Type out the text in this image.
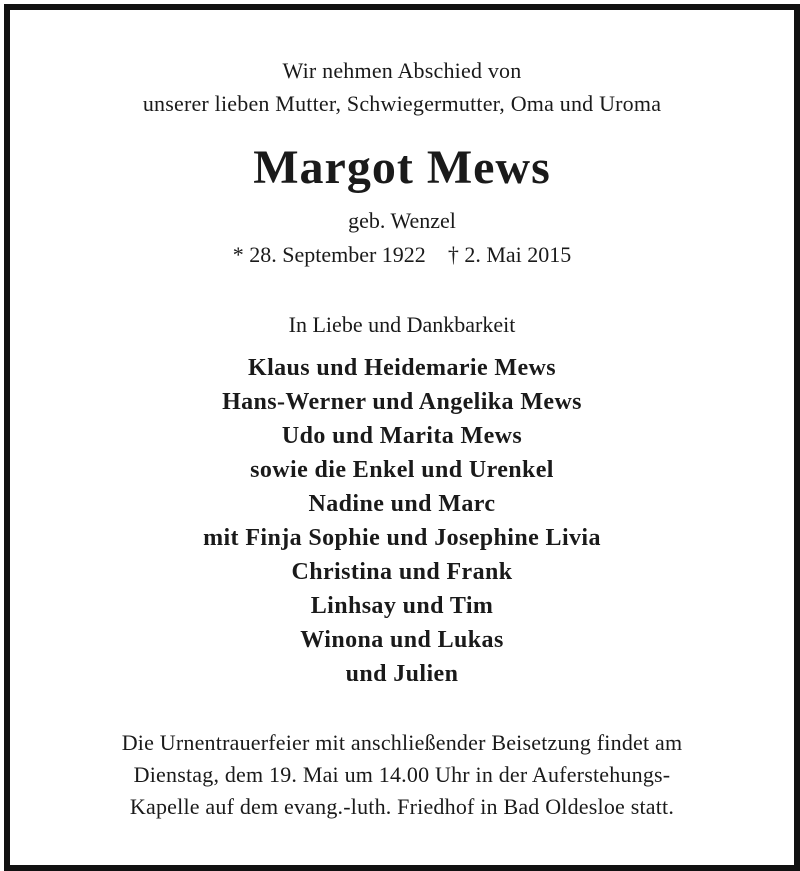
Wir nehmen Abschied von
unserer lieben Mutter, Schwiegermutter, Oma und Uroma
Margot Mews
geb. Wenzel
* 28. September 1922 † 2. Mai 2015
In Liebe und Dankbarkeit
Klaus und Heidemarie Mews
Hans-Werner und Angelika Mews
Udo und Marita Mews
sowie die Enkel und Urenkel
Nadine und Marc
mit Finja Sophie und Josephine Livia
Christina und Frank
Linhsay und Tim
Winona und Lukas
und Julien
Die Urnentrauerfeier mit anschließender Beisetzung findet am
Dienstag, dem 19. Mai um 14.00 Uhr in der Auferstehungs-
Kapelle auf dem evang.-luth. Friedhof in Bad Oldesloe statt.
